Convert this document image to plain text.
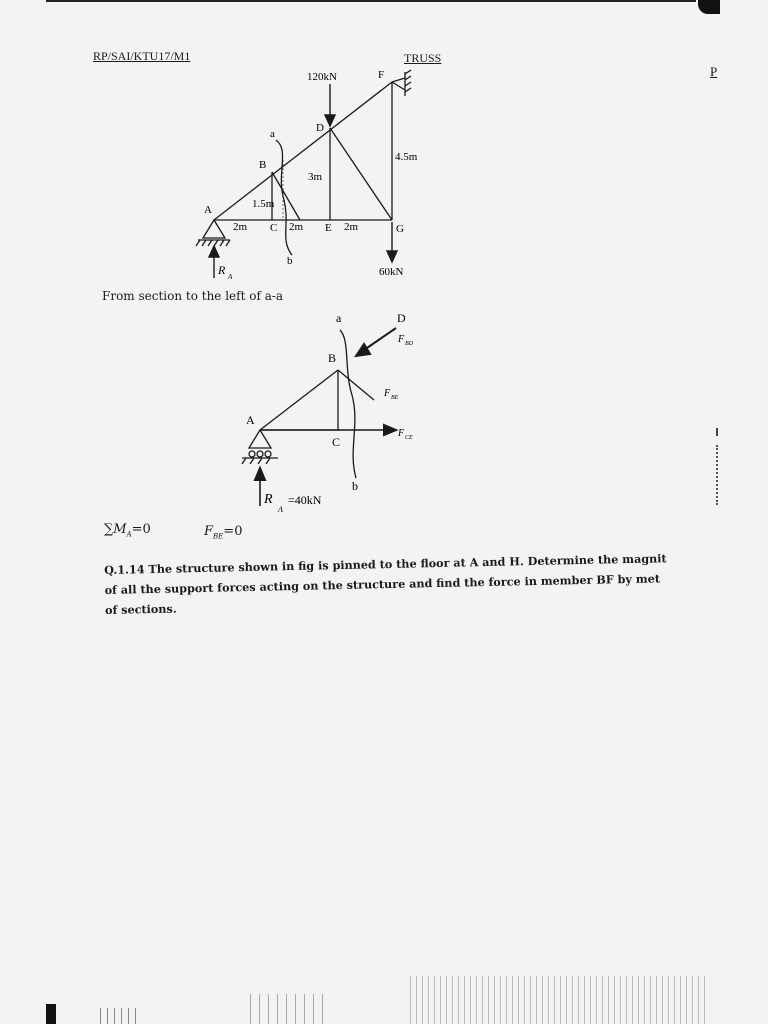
RP/SAI/KTU17/M1	TRUSS
P
120kN	F
D
a
B
3m
4.5m
1.5m
A
2m C 2m E 2m	G
b
60kN
R A
From section to the left of a-a
a	D
F BD
B
F BE
A
F CE
C
b
R
A
=40kN
$\sum M_A=0$	$F_{BE}=0$
Q.1.14 The structure shown in fig is pinned to the floor at A and H. Determine the magnit
of all the support forces acting on the structure and find the force in member BF by met
of sections.
